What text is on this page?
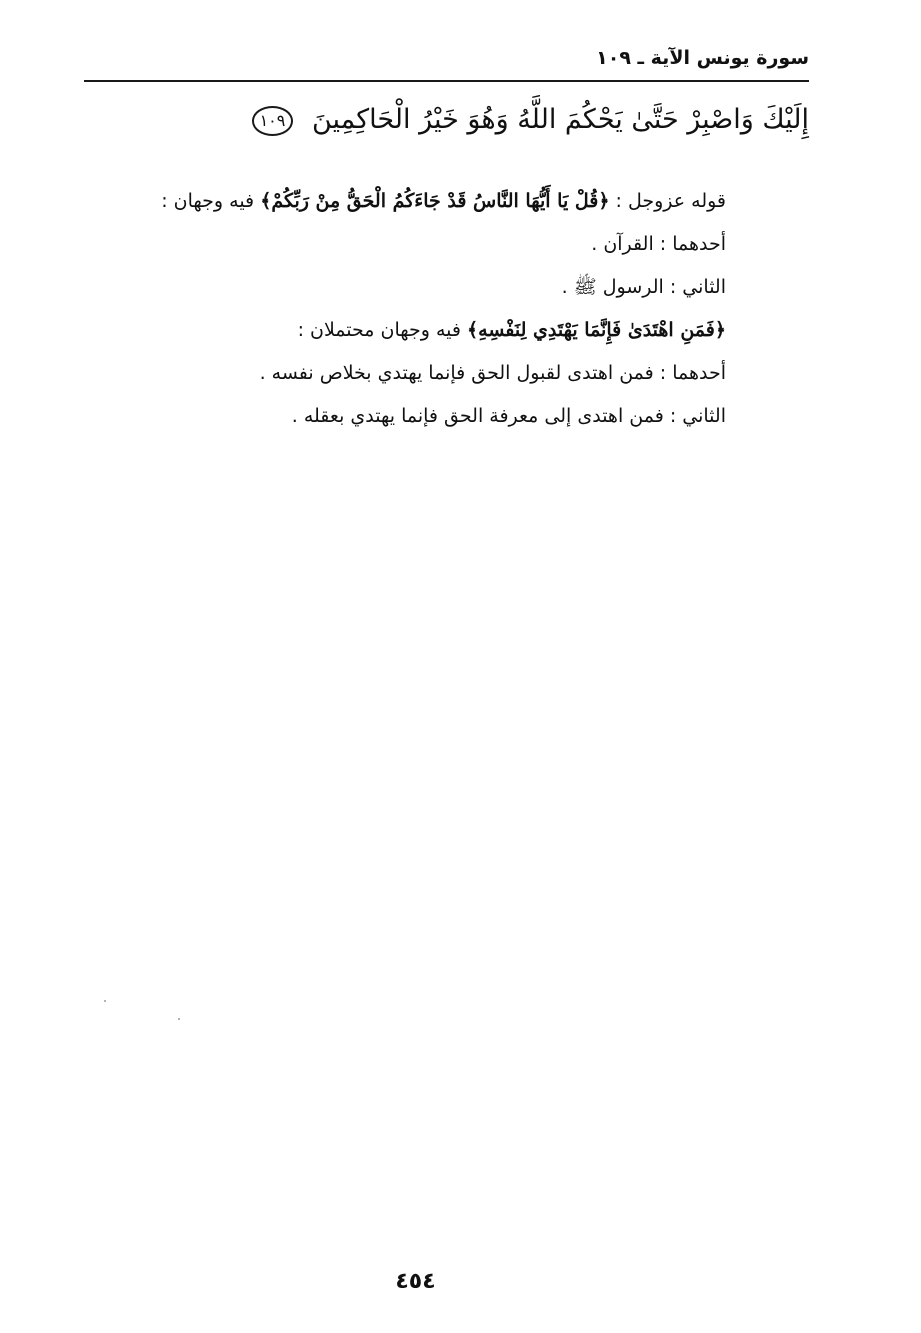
سورة يونس الآية ـ ١٠٩
إِلَيْكَ وَاصْبِرْ حَتَّىٰ يَحْكُمَ اللَّهُ وَهُوَ خَيْرُ الْحَاكِمِينَ ١٠٩

قوله عزوجل : ﴿قُلْ يَا أَيُّهَا النَّاسُ قَدْ جَاءَكُمُ الْحَقُّ مِنْ رَبِّكُمْ﴾ فيه وجهان :

أحدهما : القرآن .

الثاني : الرسول ﷺ .

﴿فَمَنِ اهْتَدَىٰ فَإِنَّمَا يَهْتَدِي لِنَفْسِهِ﴾ فيه وجهان محتملان :

أحدهما : فمن اهتدى لقبول الحق فإنما يهتدي بخلاص نفسه .

الثاني : فمن اهتدى إلى معرفة الحق فإنما يهتدي بعقله .

٤٥٤
